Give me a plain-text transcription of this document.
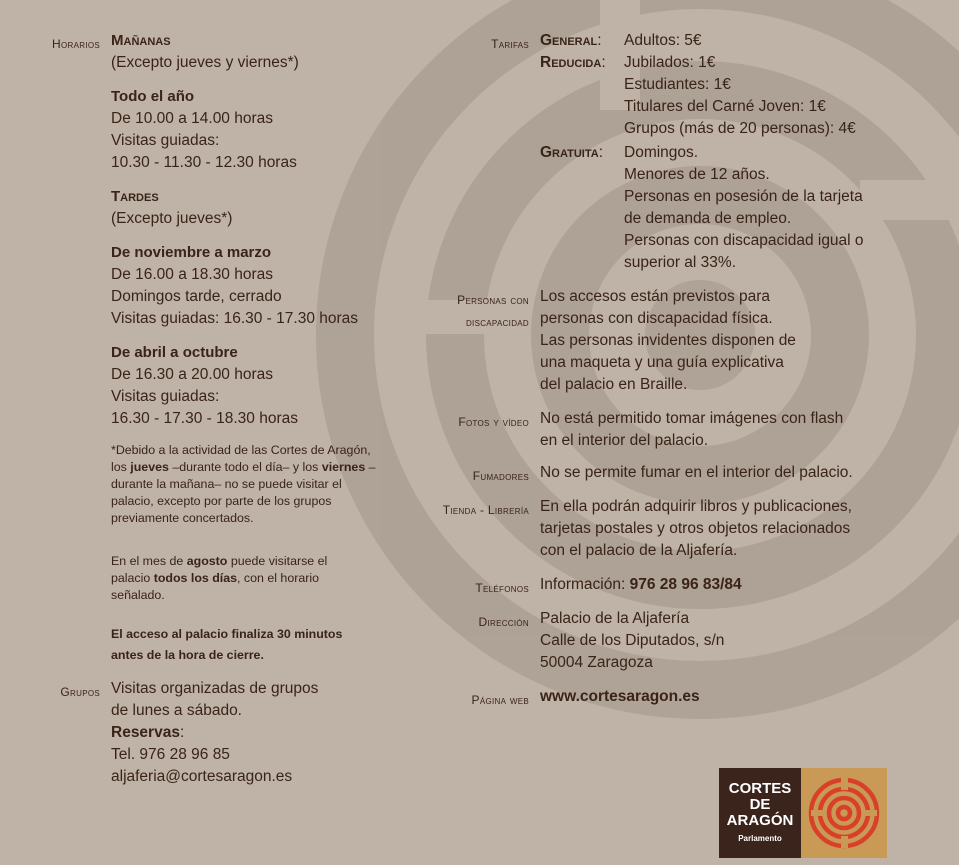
Horarios Mañanas
(Excepto jueves y viernes*)
Todo el año
De 10.00 a 14.00 horas
Visitas guiadas:
10.30 - 11.30 - 12.30 horas
Tardes
(Excepto jueves*)
De noviembre a marzo
De 16.00 a 18.30 horas
Domingos tarde, cerrado
Visitas guiadas: 16.30 - 17.30 horas
De abril a octubre
De 16.30 a 20.00 horas
Visitas guiadas:
16.30 - 17.30 - 18.30 horas
*Debido a la actividad de las Cortes de Aragón, los jueves –durante todo el día– y los viernes –durante la mañana– no se puede visitar el palacio, excepto por parte de los grupos previamente concertados.
En el mes de agosto puede visitarse el palacio todos los días, con el horario señalado.
El acceso al palacio finaliza 30 minutos antes de la hora de cierre.
Grupos Visitas organizadas de grupos
de lunes a sábado.
Reservas:
Tel. 976 28 96 85
aljaferia@cortesaragon.es
Tarifas General: Adultos: 5€
Reducida: Jubilados: 1€
Estudiantes: 1€
Titulares del Carné Joven: 1€
Grupos (más de 20 personas): 4€
Gratuita: Domingos.
Menores de 12 años.
Personas en posesión de la tarjeta
de demanda de empleo.
Personas con discapacidad igual o
superior al 33%.
Personas con
discapacidad
Los accesos están previstos para
personas con discapacidad física.
Las personas invidentes disponen de
una maqueta y una guía explicativa
del palacio en Braille.
Fotos y vídeo No está permitido tomar imágenes con flash
en el interior del palacio.
Fumadores No se permite fumar en el interior del palacio.
Tienda - Librería En ella podrán adquirir libros y publicaciones,
tarjetas postales y otros objetos relacionados
con el palacio de la Aljafería.
Teléfonos Información: 976 28 96 83/84
Dirección Palacio de la Aljafería
Calle de los Diputados, s/n
50004 Zaragoza
Página web www.cortesaragon.es
CORTES
DE
ARAGÓN
Parlamento
